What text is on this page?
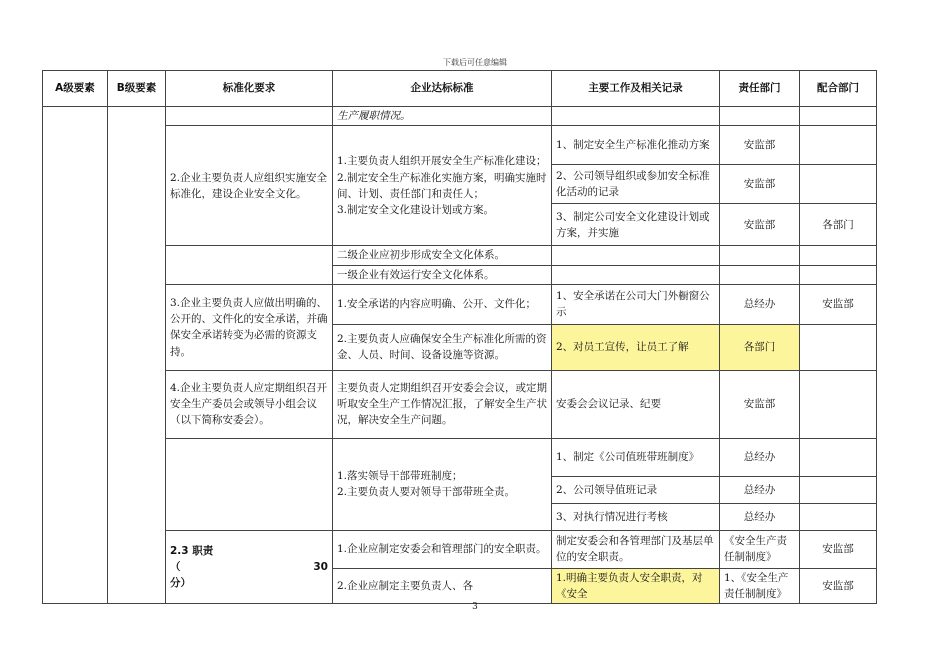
下载后可任意编辑
A级要素	B级要素	标准化要求	企业达标标准	主要工作及相关记录	责任部门	配合部门	
			生产履职情况。				
		2.企业主要负责人应组织实施安全标准化，建设企业安全文化。	1.主要负责人组织开展安全生产标准化建设；
2.制定安全生产标准化实施方案，明确实施时间、计划、责任部门和责任人；
3.制定安全文化建设计划或方案。	1、制定安全生产标准化推动方案	安监部		
				2、公司领导组织或参加安全标准化活动的记录	安监部		
				3、制定公司安全文化建设计划或方案，并实施	安监部	各部门	
			二级企业应初步形成安全文化体系。				
			一级企业有效运行安全文化体系。				
		3.企业主要负责人应做出明确的、公开的、文件化的安全承诺，并确保安全承诺转变为必需的资源支持。	1.安全承诺的内容应明确、公开、文件化；	1、安全承诺在公司大门外橱窗公示	总经办	安监部	
			2.主要负责人应确保安全生产标准化所需的资金、人员、时间、设备设施等资源。	2、对员工宣传，让员工了解	各部门		
		4.企业主要负责人应定期组织召开安全生产委员会或领导小组会议（以下简称安委会）。	主要负责人定期组织召开安委会会议，或定期听取安全生产工作情况汇报，了解安全生产状况，解决安全生产问题。	安委会会议记录、纪要	安监部		
			1.落实领导干部带班制度；
2.主要负责人要对领导干部带班全责。	1、制定《公司值班带班制度》	总经办		
				2、公司领导值班记录	总经办		
				3、对执行情况进行考核	总经办		

		2.3 职责
（ 30
分）	1.企业应制定安委会和管理部门的安全职责。	制定安委会和各管理部门及基层单位的安全职责。	《安全生产责任制制度》	安监部	
			2.企业应制定主要负责人、各	1.明确主要负责人安全职责，对《安全	1、《安全生产责任制制度》	安监部	
3
